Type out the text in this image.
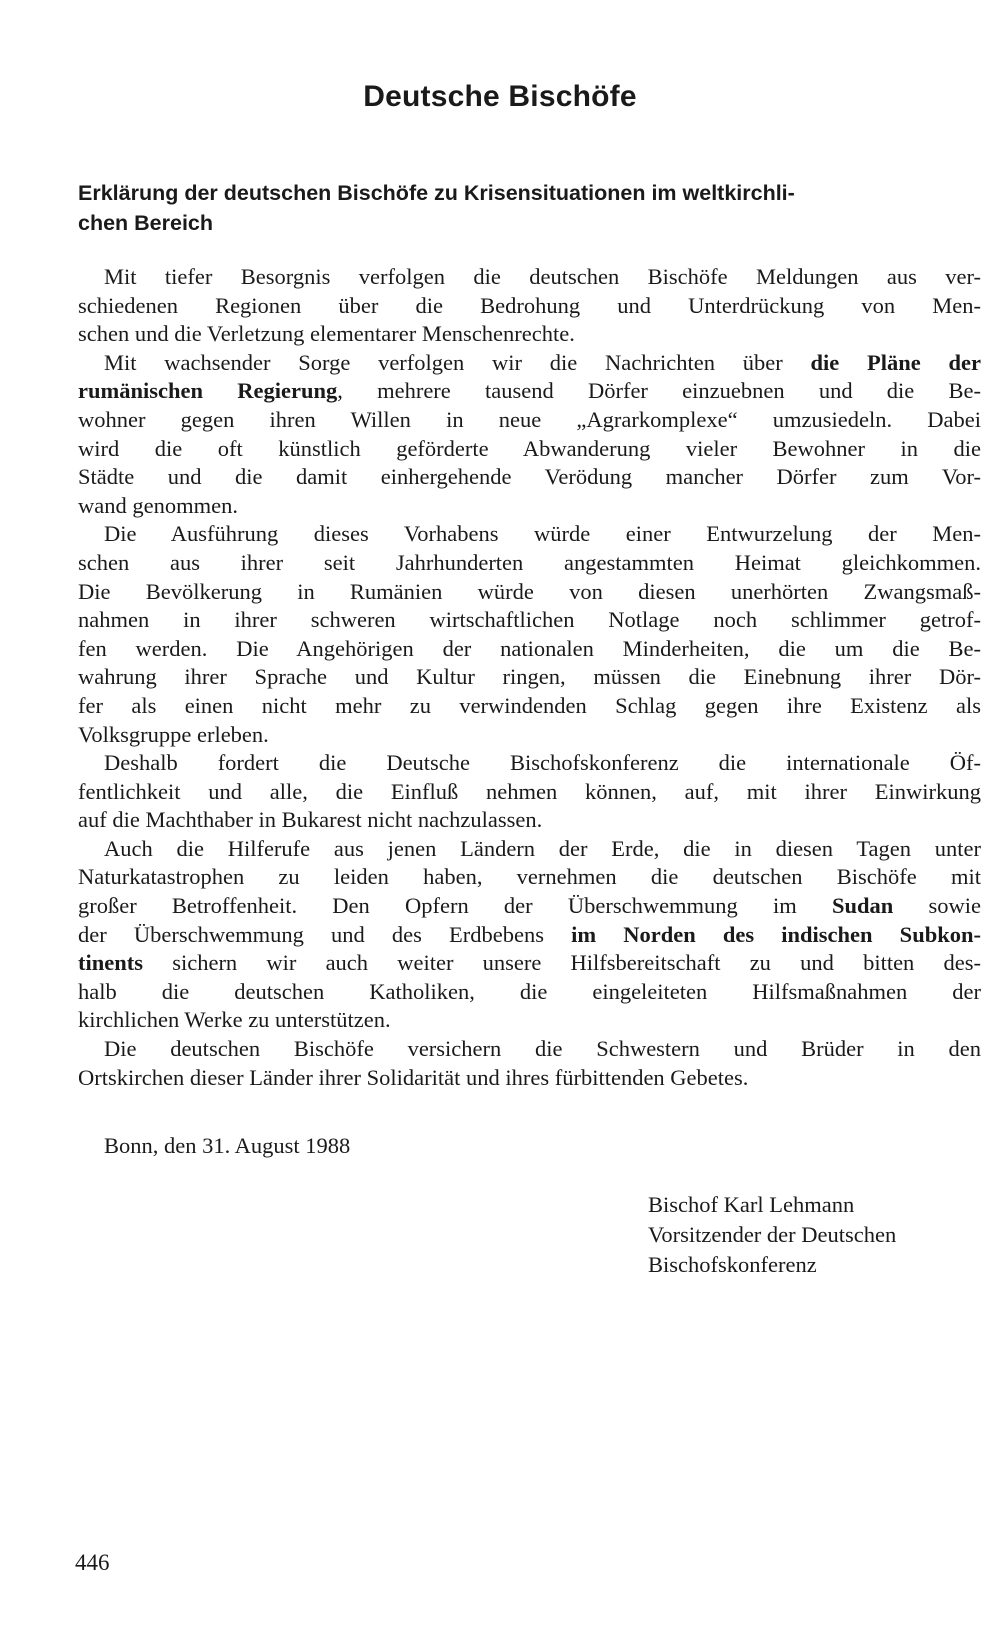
Deutsche Bischöfe
Erklärung der deutschen Bischöfe zu Krisensituationen im weltkirchli-
chen Bereich
Mit tiefer Besorgnis verfolgen die deutschen Bischöfe Meldungen aus ver-
schiedenen Regionen über die Bedrohung und Unterdrückung von Men-
schen und die Verletzung elementarer Menschenrechte.
Mit wachsender Sorge verfolgen wir die Nachrichten über die Pläne der
rumänischen Regierung, mehrere tausend Dörfer einzuebnen und die Be-
wohner gegen ihren Willen in neue „Agrarkomplexe“ umzusiedeln. Dabei
wird die oft künstlich geförderte Abwanderung vieler Bewohner in die
Städte und die damit einhergehende Verödung mancher Dörfer zum Vor-
wand genommen.
Die Ausführung dieses Vorhabens würde einer Entwurzelung der Men-
schen aus ihrer seit Jahrhunderten angestammten Heimat gleichkommen.
Die Bevölkerung in Rumänien würde von diesen unerhörten Zwangsmaß-
nahmen in ihrer schweren wirtschaftlichen Notlage noch schlimmer getrof-
fen werden. Die Angehörigen der nationalen Minderheiten, die um die Be-
wahrung ihrer Sprache und Kultur ringen, müssen die Einebnung ihrer Dör-
fer als einen nicht mehr zu verwindenden Schlag gegen ihre Existenz als
Volksgruppe erleben.
Deshalb fordert die Deutsche Bischofskonferenz die internationale Öf-
fentlichkeit und alle, die Einfluß nehmen können, auf, mit ihrer Einwirkung
auf die Machthaber in Bukarest nicht nachzulassen.
Auch die Hilferufe aus jenen Ländern der Erde, die in diesen Tagen unter
Naturkatastrophen zu leiden haben, vernehmen die deutschen Bischöfe mit
großer Betroffenheit. Den Opfern der Überschwemmung im Sudan sowie
der Überschwemmung und des Erdbebens im Norden des indischen Subkon-
tinents sichern wir auch weiter unsere Hilfsbereitschaft zu und bitten des-
halb die deutschen Katholiken, die eingeleiteten Hilfsmaßnahmen der
kirchlichen Werke zu unterstützen.
Die deutschen Bischöfe versichern die Schwestern und Brüder in den
Ortskirchen dieser Länder ihrer Solidarität und ihres fürbittenden Gebetes.
Bonn, den 31. August 1988
Bischof Karl Lehmann
Vorsitzender der Deutschen
Bischofskonferenz
446
